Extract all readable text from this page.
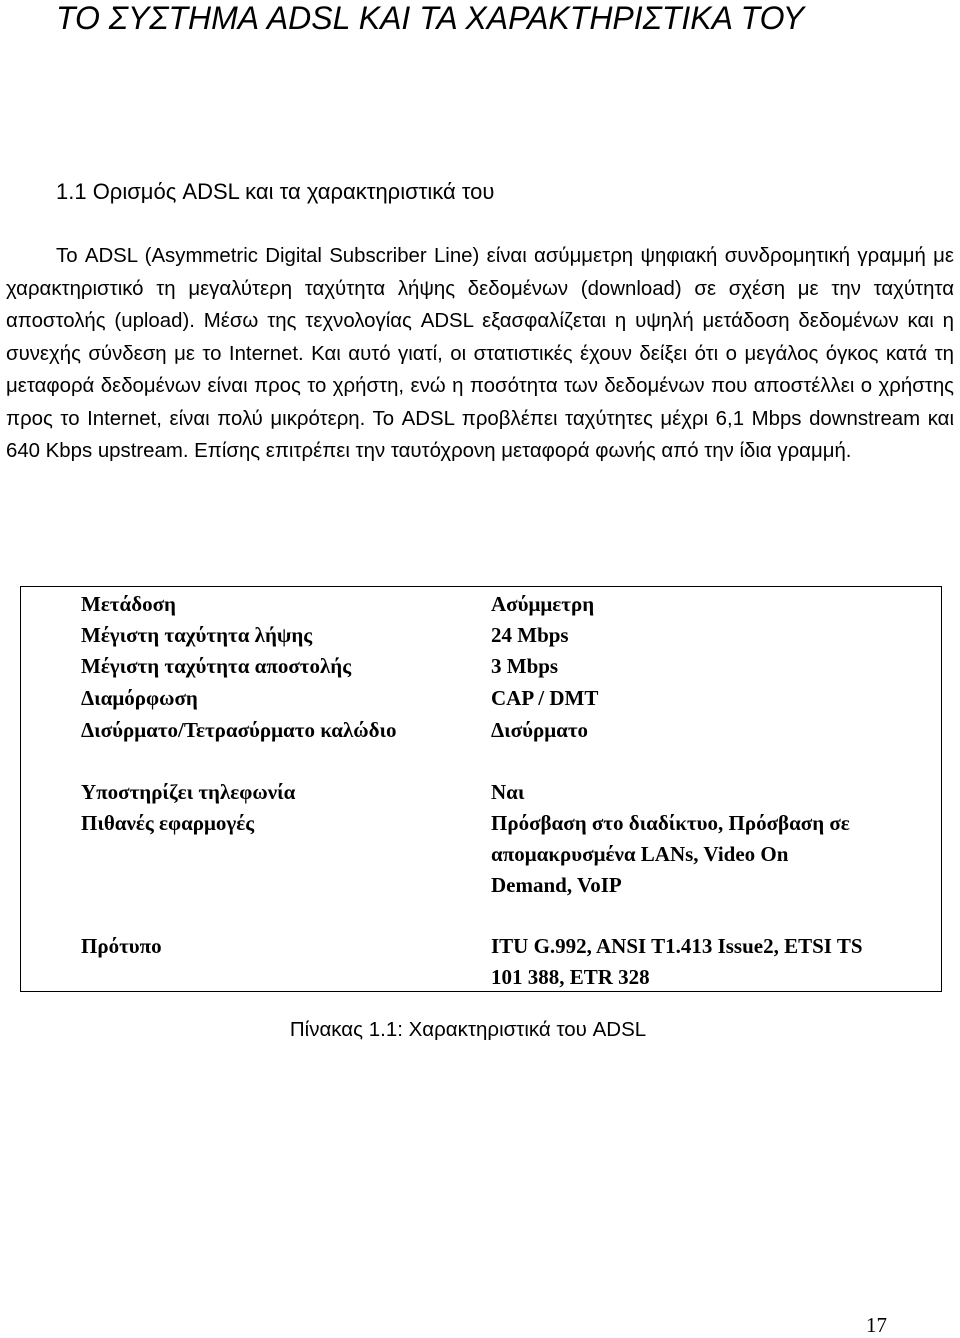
ΤΟ ΣΥΣΤΗΜΑ ADSL ΚΑΙ ΤΑ ΧΑΡΑΚΤΗΡΙΣΤΙΚΑ ΤΟΥ
1.1 Ορισμός ADSL και τα χαρακτηριστικά του

Το ADSL (Asymmetric Digital Subscriber Line) είναι ασύμμετρη ψηφιακή συνδρομητική γραμμή με χαρακτηριστικό τη μεγαλύτερη ταχύτητα λήψης δεδομένων (download) σε σχέση με την ταχύτητα αποστολής (upload). Μέσω της τεχνολογίας ADSL εξασφαλίζεται η υψηλή μετάδοση δεδομένων και η συνεχής σύνδεση με το Internet. Και αυτό γιατί, οι στατιστικές έχουν δείξει ότι ο μεγάλος όγκος κατά τη μεταφορά δεδομένων είναι προς το χρήστη, ενώ η ποσότητα των δεδομένων που αποστέλλει ο χρήστης προς το Internet, είναι πολύ μικρότερη. Το ADSL προβλέπει ταχύτητες μέχρι 6,1 Mbps downstream και 640 Kbps upstream. Επίσης επιτρέπει την ταυτόχρονη μεταφορά φωνής από την ίδια γραμμή.

Μετάδοση	Ασύμμετρη
Μέγιστη ταχύτητα λήψης	24 Mbps
Μέγιστη ταχύτητα αποστολής	3 Mbps
Διαμόρφωση	CAP / DMT
Δισύρματο/Τετρασύρματο καλώδιο	Δισύρματο
Υποστηρίζει τηλεφωνία	Ναι
Πιθανές εφαρμογές	Πρόσβαση στο διαδίκτυο, Πρόσβαση σε απομακρυσμένα LANs, Video On Demand, VoIP
Πρότυπο	ITU G.992, ANSI T1.413 Issue2, ETSI TS 101 388, ETR 328

Πίνακας 1.1: Χαρακτηριστικά του ADSL

17
